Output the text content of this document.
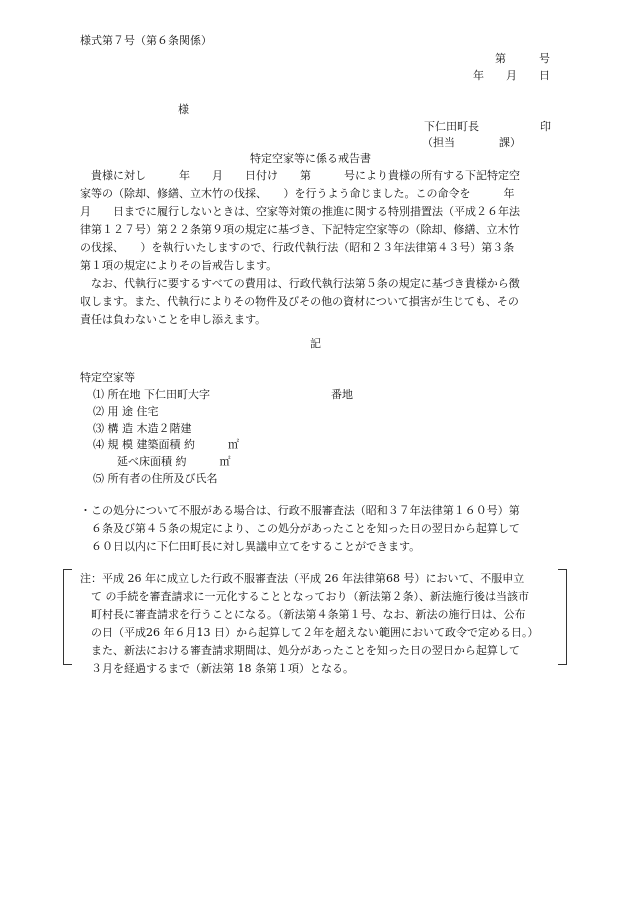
様式第７号（第６条関係）
第　　　号
年　　月　　日
様
下仁田町長	印
（担当　　　　課）
特定空家等に係る戒告書
　貴様に対し　　　年　　月　　日付け　　第　　　号により貴様の所有する下記特定空
家等の（除却、修繕、立木竹の伐採、　　）を行うよう命じました。この命令を　　　年
月　　日までに履行しないときは、空家等対策の推進に関する特別措置法（平成２６年法
律第１２７号）第２２条第９項の規定に基づき、下記特定空家等の（除却、修繕、立木竹
の伐採、　　）を執行いたしますので、行政代執行法（昭和２３年法律第４３号）第３条
第１項の規定によりその旨戒告します。
　なお、代執行に要するすべての費用は、行政代執行法第５条の規定に基づき貴様から徴
収します。また、代執行によりその物件及びその他の資材について損害が生じても、その
責任は負わないことを申し添えます。
記
特定空家等
⑴ 所在地 下仁田町大字　　　　　　　　　　　番地
⑵ 用 途 住宅
⑶ 構 造 木造２階建
⑷ 規 模 建築面積 約　　　㎡
　延べ床面積 約　　　㎡
⑸ 所有者の住所及び氏名
・この処分について不服がある場合は、行政不服審査法（昭和３７年法律第１６０号）第
　６条及び第４５条の規定により、この処分があったことを知った日の翌日から起算して
　６０日以内に下仁田町長に対し異議申立てをすることができます。
注：平成 26 年に成立した行政不服審査法（平成 26 年法律第68 号）において、不服申立
　て の手続を審査請求に一元化することとなっており（新法第２条）、新法施行後は当該市
　町村長に審査請求を行うことになる。（新法第４条第１号、なお、新法の施行日は、公布
　の日（平成26 年６月13 日）から起算して２年を超えない範囲において政令で定める日。）
　また、新法における審査請求期間は、処分があったことを知った日の翌日から起算して
　３月を経過するまで（新法第 18 条第１項）となる。
